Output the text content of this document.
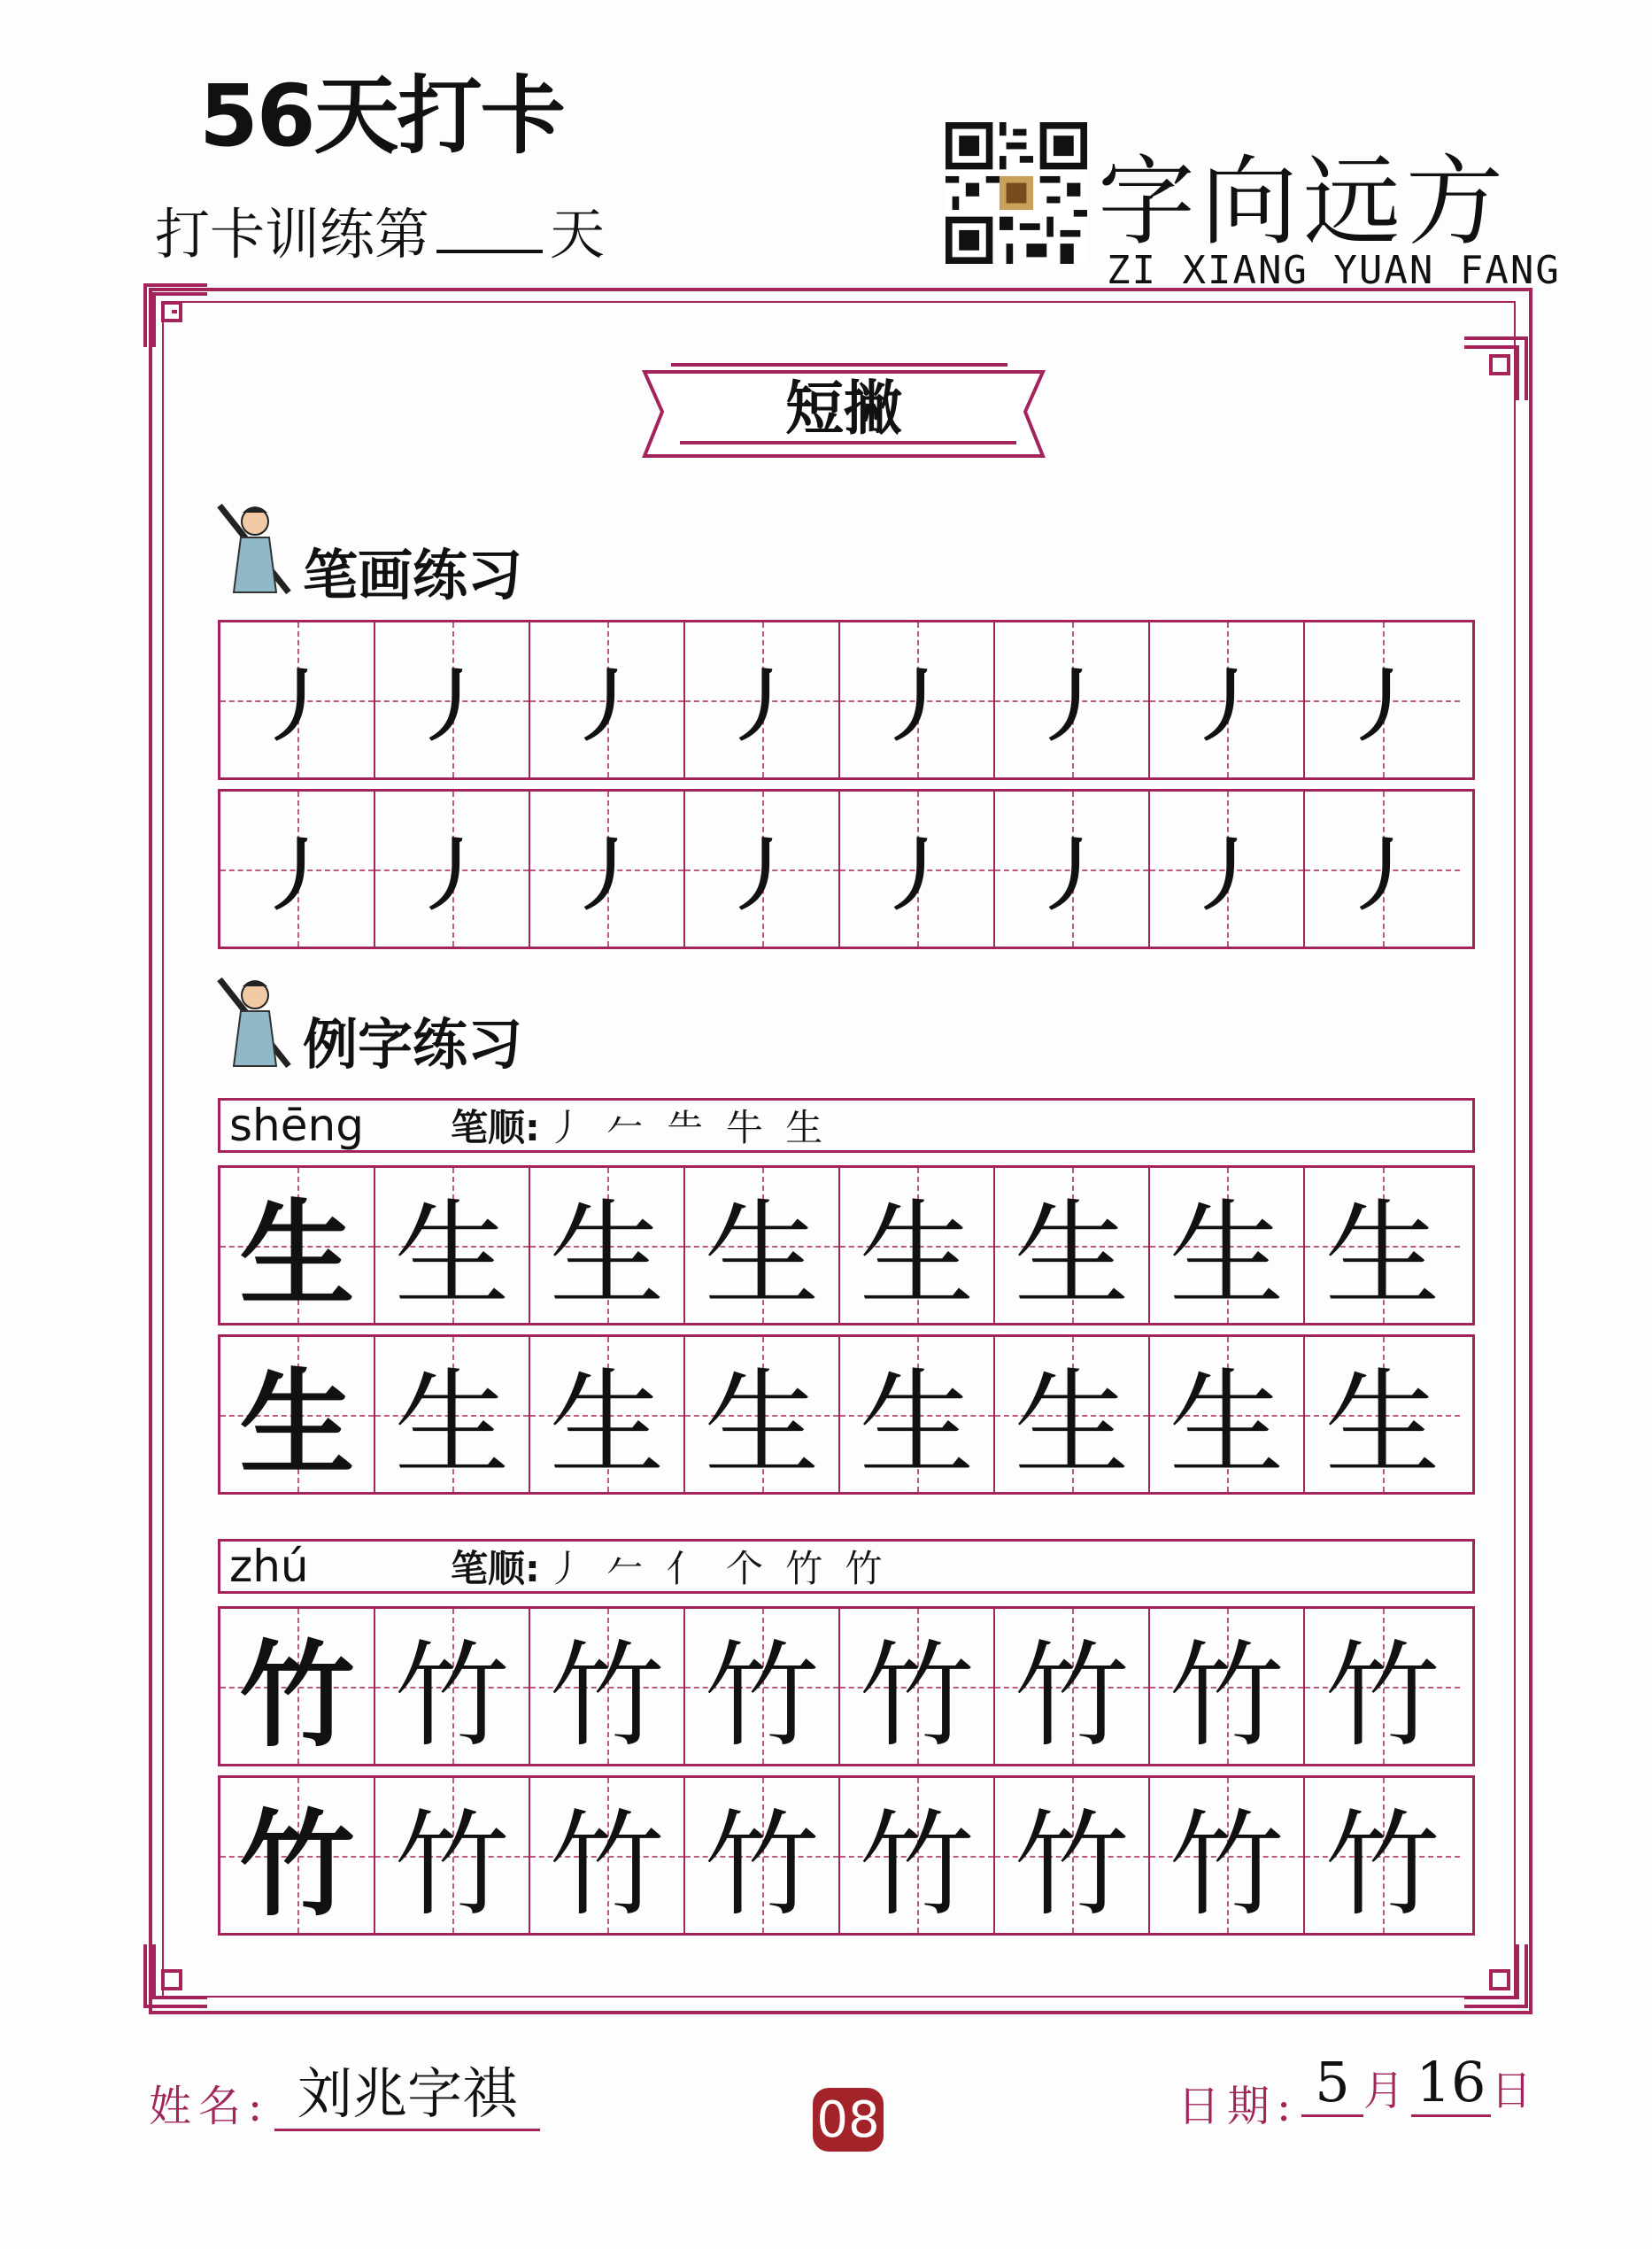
56天打卡
打卡训练第 天	字向远方
ZI XIANG YUAN FANG
短撇
笔画练习
丿 丿 丿 丿 丿 丿 丿 丿
丿 丿 丿 丿 丿 丿 丿 丿
例字练习
shēng	笔顺: 丿 𠂉 ⺧ 牛 生
生 生 生 生 生 生 生 生
生 生 生 生 生 生 生 生
zhú	笔顺: 丿 𠂉 亻 个 竹 竹
竹 竹 竹 竹 竹 竹 竹 竹
竹 竹 竹 竹 竹 竹 竹 竹
姓名: 刘兆字祺	08	日期: 5 月 16 日
